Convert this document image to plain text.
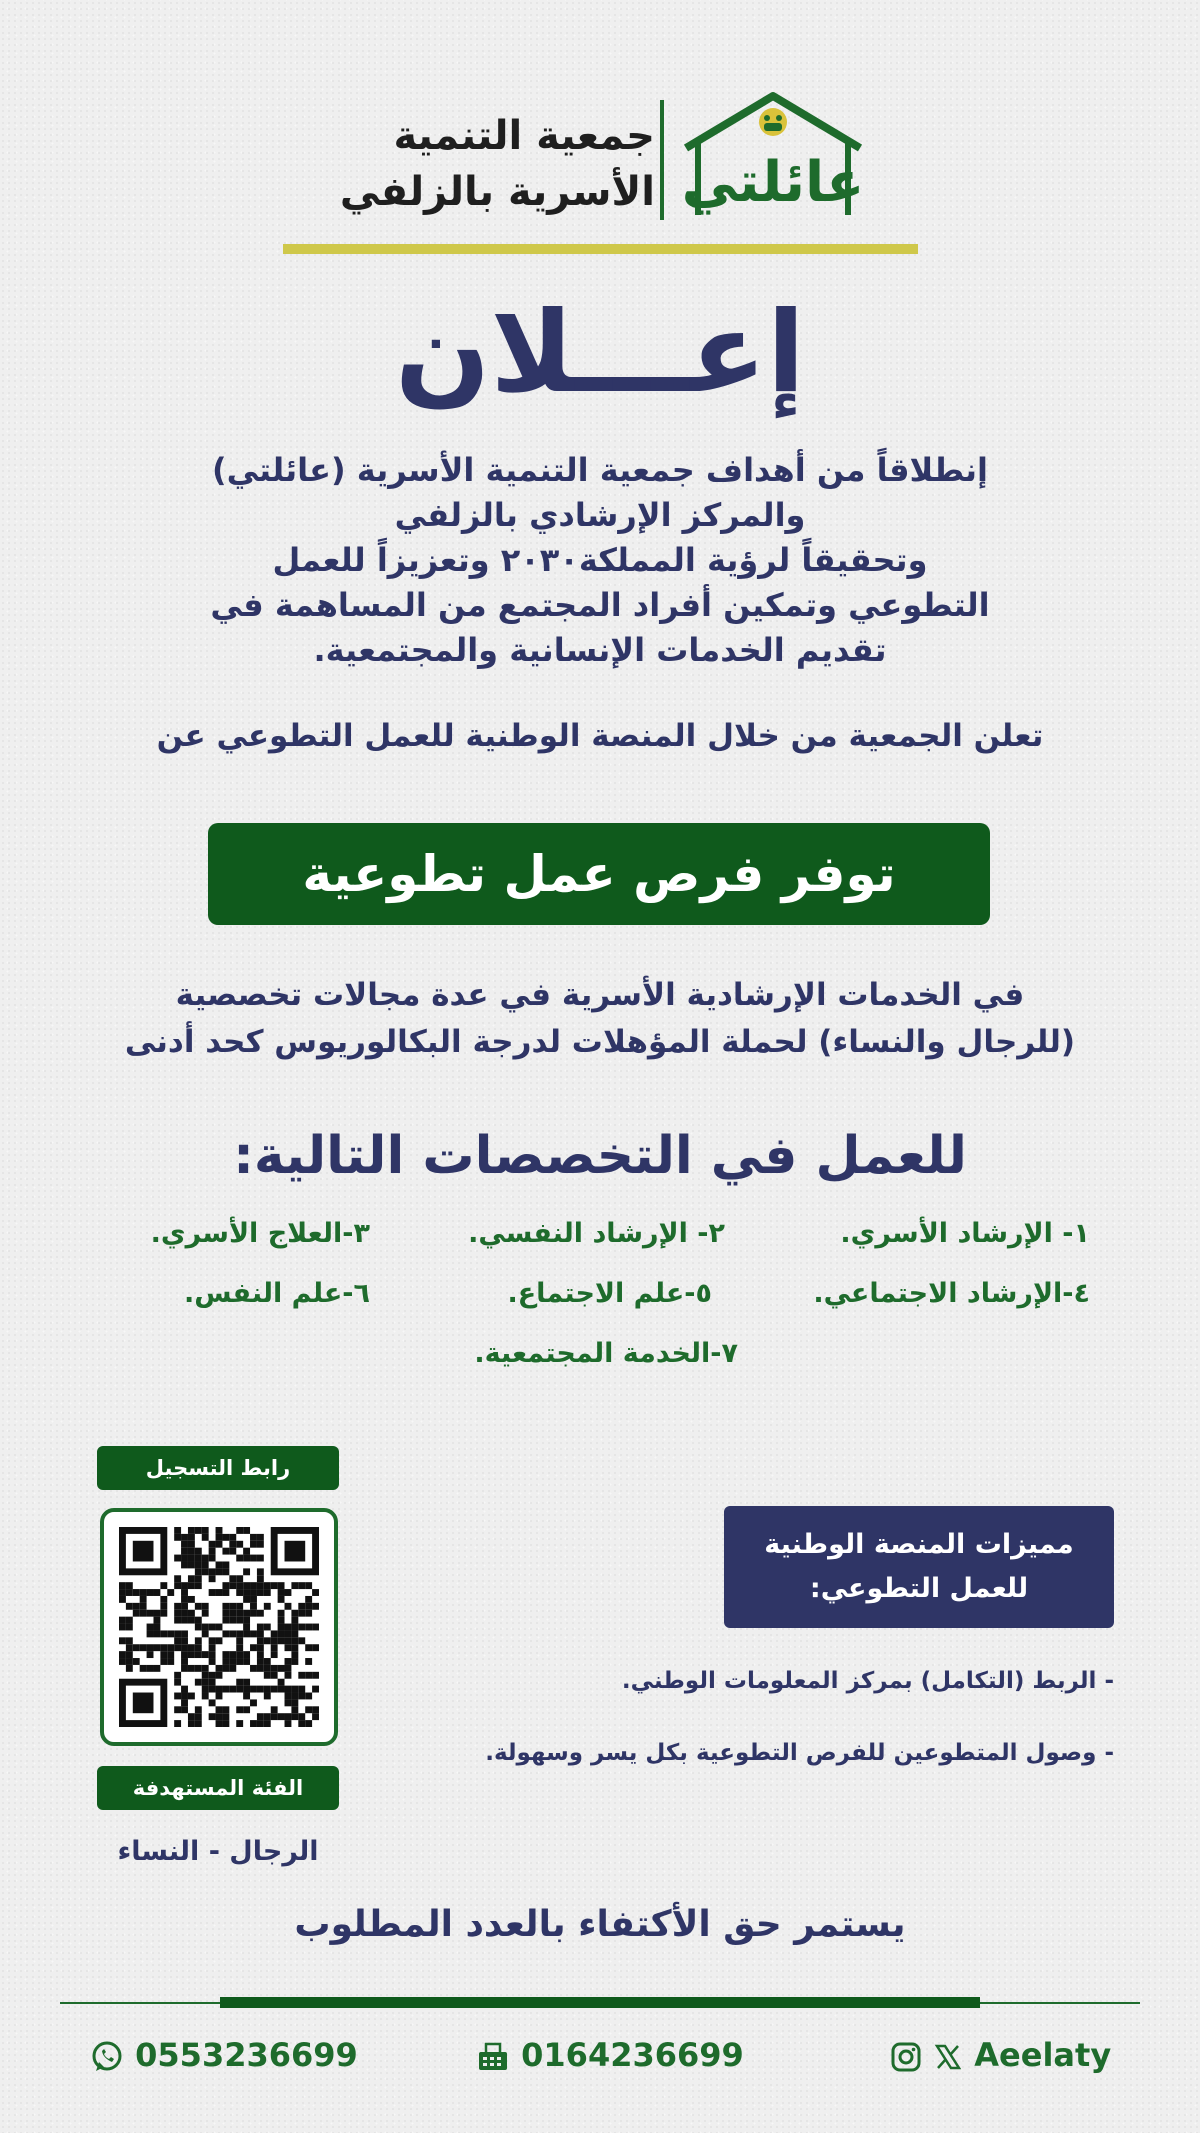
جمعية التنمية
الأسرية بالزلفي عائلتي
إعـــلان
إنطلاقاً من أهداف جمعية التنمية الأسرية (عائلتي)
والمركز الإرشادي بالزلفي
وتحقيقاً لرؤية المملكة٢٠٣٠ وتعزيزاً للعمل
التطوعي وتمكين أفراد المجتمع من المساهمة في
تقديم الخدمات الإنسانية والمجتمعية.
تعلن الجمعية من خلال المنصة الوطنية للعمل التطوعي عن
توفر فرص عمل تطوعية
في الخدمات الإرشادية الأسرية في عدة مجالات تخصصية
(للرجال والنساء) لحملة المؤهلات لدرجة البكالوريوس كحد أدنى
للعمل في التخصصات التالية:
١- الإرشاد الأسري.
٢- الإرشاد النفسي.
٣-العلاج الأسري.
٤-الإرشاد الاجتماعي.
٥-علم الاجتماع.
٦-علم النفس.
٧-الخدمة المجتمعية.
رابط التسجيل
الفئة المستهدفة
الرجال - النساء
مميزات المنصة الوطنية
للعمل التطوعي:
- الربط (التكامل) بمركز المعلومات الوطني.
- وصول المتطوعين للفرص التطوعية بكل يسر وسهولة.
يستمر حق الأكتفاء بالعدد المطلوب
0553236699	0164236699	Aeelaty
